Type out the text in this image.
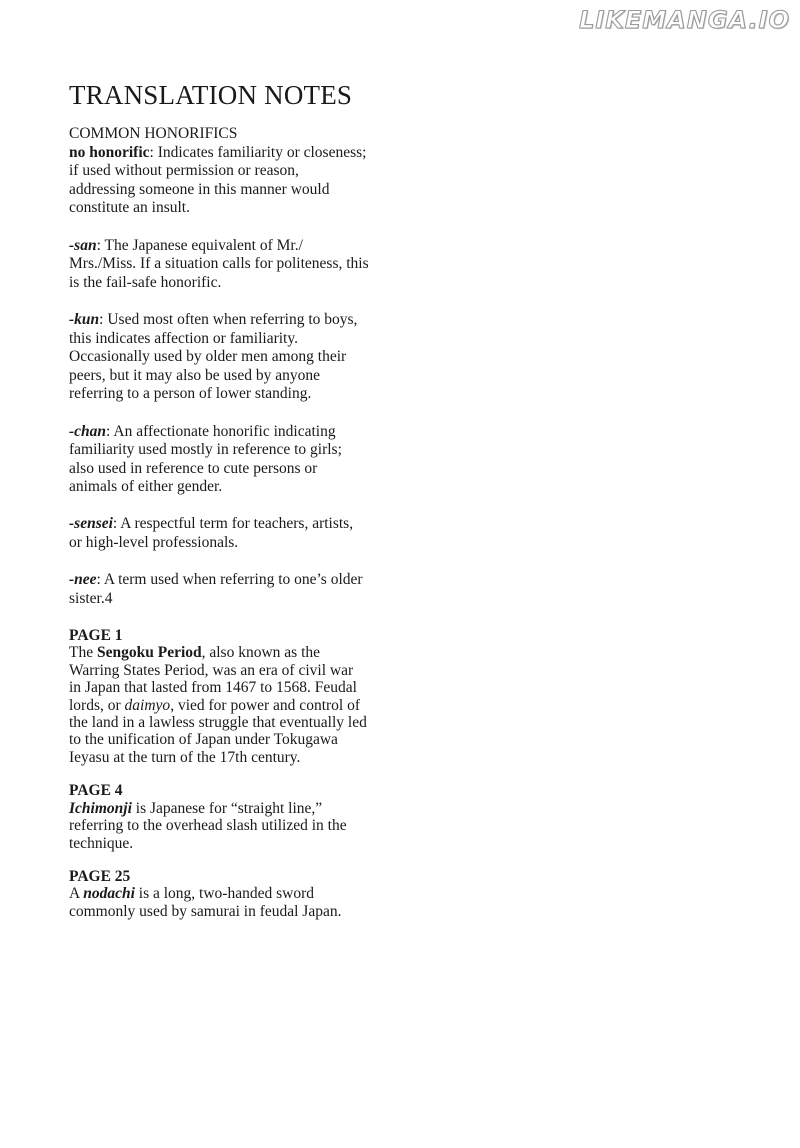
LIKEMANGA.IO
TRANSLATION NOTES
COMMON HONORIFICS

no honorific: Indicates familiarity or closeness; if used without permission or reason, addressing someone in this manner would constitute an insult.

-san: The Japanese equivalent of Mr./ Mrs./Miss. If a situation calls for politeness, this is the fail-safe honorific.

-kun: Used most often when referring to boys, this indicates affection or familiarity. Occasionally used by older men among their peers, but it may also be used by anyone referring to a person of lower standing.

-chan: An affectionate honorific indicating familiarity used mostly in reference to girls; also used in reference to cute persons or animals of either gender.

-sensei: A respectful term for teachers, artists, or high-level professionals.

-nee: A term used when referring to one’s older sister.4

PAGE 1
The Sengoku Period, also known as the Warring States Period, was an era of civil war in Japan that lasted from 1467 to 1568. Feudal lords, or daimyo, vied for power and control of the land in a lawless struggle that eventually led to the unification of Japan under Tokugawa Ieyasu at the turn of the 17th century.
PAGE 4
Ichimonji is Japanese for “straight line,” referring to the overhead slash utilized in the technique.
PAGE 25
A nodachi is a long, two-handed sword commonly used by samurai in feudal Japan.
